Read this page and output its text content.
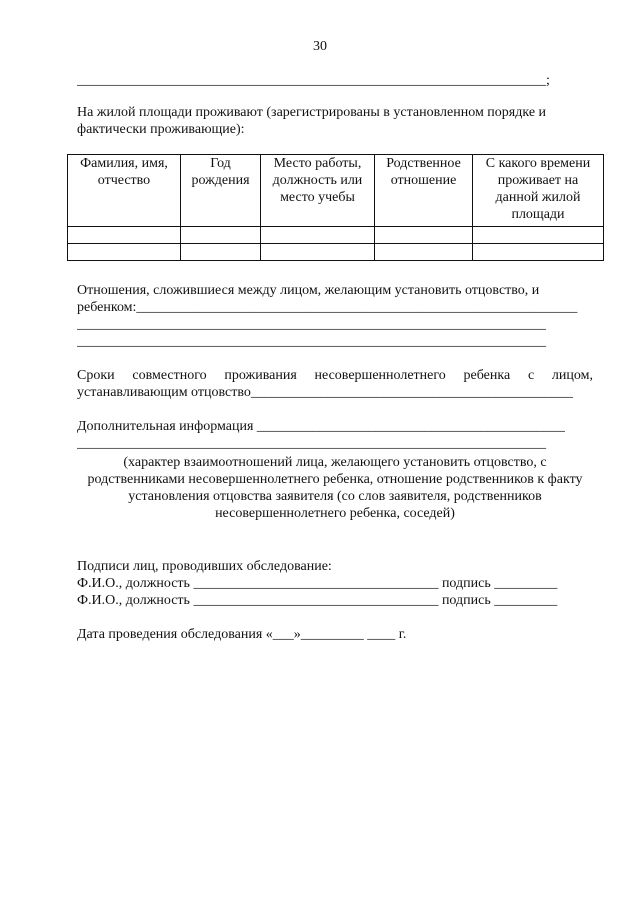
30
___________________________________________________________________;
На жилой площади проживают (зарегистрированы в установленном порядке и фактически проживающие):
Фамилия, имя, отчество	Год рождения	Место работы, должность или место учебы	Родственное отношение	С какого времени проживает на данной жилой площади

Отношения, сложившиеся между лицом, желающим установить отцовство, и
ребенком:_______________________________________________________________
___________________________________________________________________
___________________________________________________________________
Сроки совместного проживания несовершеннолетнего ребенка с лицом,
устанавливающим отцовство______________________________________________
Дополнительная информация ____________________________________________
___________________________________________________________________
(характер взаимоотношений лица, желающего установить отцовство, с родственниками несовершеннолетнего ребенка, отношение родственников к факту установления отцовства заявителя (со слов заявителя, родственников несовершеннолетнего ребенка, соседей)
Подписи лиц, проводивших обследование:
Ф.И.О., должность
___________________________________
подпись
_________
Ф.И.О., должность
___________________________________
подпись
_________
Дата проведения обследования «___»_________ ____ г.
